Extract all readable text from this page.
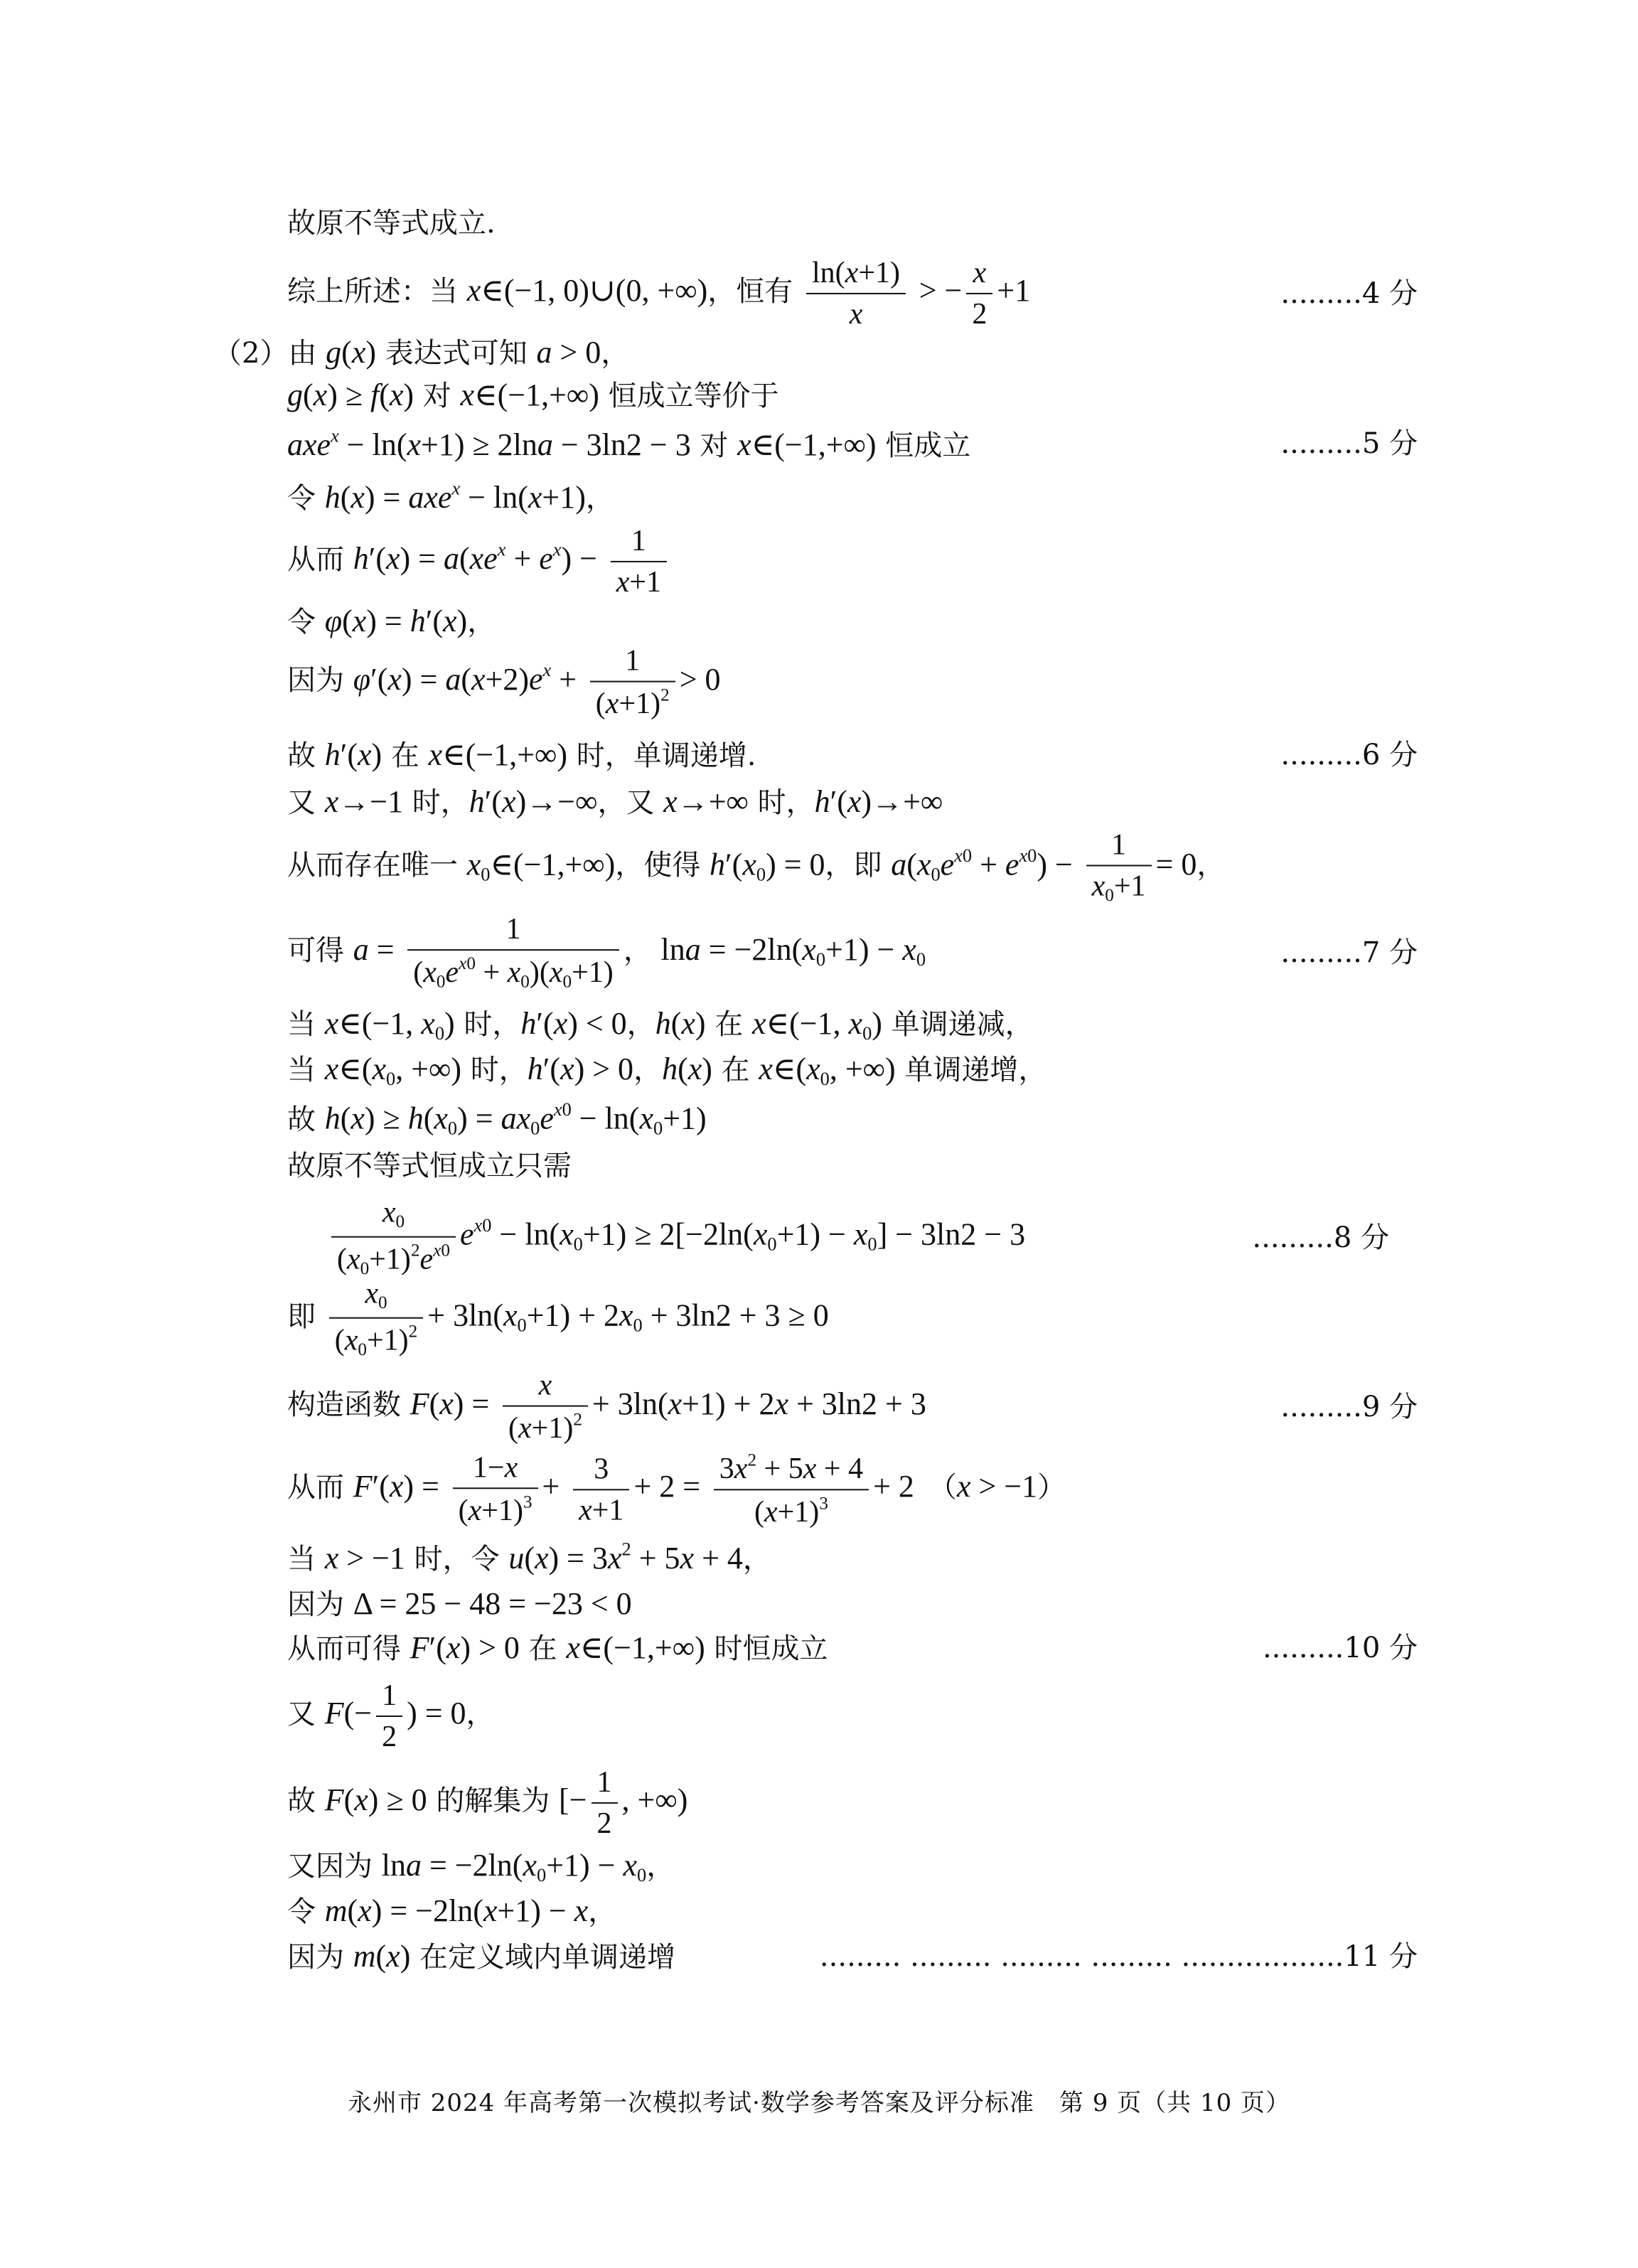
故原不等式成立.
综上所述：当 x∈(−1, 0)∪(0, +∞)，恒有 $\frac{\ln(x+1)}{x}$ > − $\frac{x}{2} +1$	.........4 分
（2）由 g(x) 表达式可知 a > 0，
g(x) ≥ f(x) 对 x∈(−1,+∞) 恒成立等价于
axe$^x$ − ln(x+1) ≥ 2lna − 3ln2 − 3 对 x∈(−1,+∞) 恒成立	.........5 分
令 h(x) = axe$^x$ − ln(x+1)，
从而 $h'(x) = a(xe^x + e^x) - \frac{1}{x+1}$
令 φ(x) = h′(x)，
因为 $\varphi'(x) = a(x+2)e^x + \frac{1}{(x+1)^2} > 0$
故 h′(x) 在 x∈(−1,+∞) 时，单调递增.	.........6 分
又 x→−1 时，h′(x)→−∞，又 x→+∞ 时，h′(x)→+∞
从而存在唯一 $x_0\in(-1,+\infty)$，使得 $h'(x_0) = 0$，即 $a(x_0e^{x0} + e^{x0}) - \frac{1}{x_0+1} = 0$，
可得 $a = \frac{1}{(x_0e^{x0} + x_0)(x_0+1)}$ ， $\ln a = -2\ln(x_0+1) - x_0$	.........7 分
当 x∈(−1, $x_0$) 时，h′(x) < 0，h(x) 在 x∈(−1, $x_0$) 单调递减，
当 $x\in(x_0$, +∞) 时，h′(x) > 0，h(x) 在 $x\in(x_0$, +∞) 单调递增，
故 $h(x) \ge h(x_0) = ax_0e^{x0} - \ln(x_0+1)$
故原不等式恒成立只需
$\frac{x_0}{(x_0+1)^2e^{x0}} e^{x0} - \ln(x_0+1) \ge 2[-2\ln(x_0+1) - x_0] - 3\ln 2 - 3$	.........8 分
即 $\frac{x_0}{(x_0+1)^2} + 3\ln(x_0+1) + 2x_0 + 3\ln 2 + 3 \ge 0$
构造函数 $F(x) = \frac{x}{(x+1)^2} + 3\ln(x+1) + 2x + 3\ln 2 + 3$	.........9 分
从而 $F'(x) = \frac{1-x}{(x+1)^3} + \frac{3}{x+1} + 2 = \frac{3x^2 + 5x + 4}{(x+1)^3} + 2$　（x > −1）
当 x > −1 时，令 $u(x) = 3x^2 + 5x + 4$，
因为 Δ = 25 − 48 = −23 < 0
从而可得 F′(x) > 0 在 x∈(−1,+∞) 时恒成立	.........10 分
又 $F(- \frac{1}{2}$ ) = 0，
故 F(x) ≥ 0 的解集为 [− $\frac{1}{2}$ , +∞)
又因为 $\ln a = -2\ln(x_0+1) - x_0$，
令 m(x) = −2ln(x+1) − x，
因为 m(x) 在定义域内单调递增	......... ......... ......... ......... ..................11 分
永州市 2024 年高考第一次模拟考试·数学参考答案及评分标准　第 9 页（共 10 页）
